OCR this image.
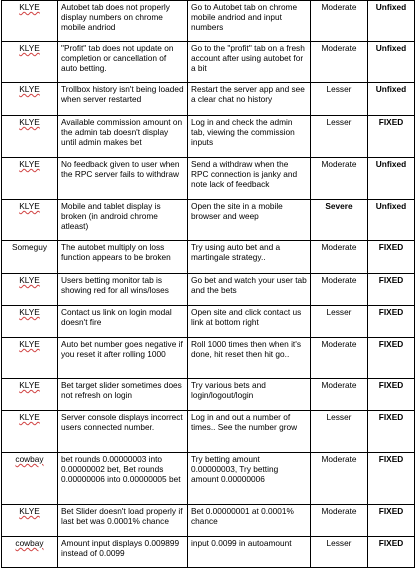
KLYE	Autobet tab does not properly display numbers on chrome mobile andriod	Go to Autobet tab on chrome mobile andriod and input numbers	Moderate	Unfixed
KLYE	"Profit" tab does not update on completion or cancellation of auto betting.	Go to the "profit" tab on a fresh account after using autobet for a bit	Moderate	Unfixed
KLYE	Trollbox history isn't being loaded when server restarted	Restart the server app and see a clear chat no history	Lesser	Unfixed
KLYE	Available commission amount on the admin tab doesn't display until admin makes bet	Log in and check the admin tab, viewing the commission inputs	Lesser	FIXED
KLYE	No feedback given to user when the RPC server fails to withdraw	Send a withdraw when the RPC connection is janky and note lack of feedback	Moderate	Unfixed
KLYE	Mobile and tablet display is broken (in android chrome atleast)	Open the site in a mobile browser and weep	Severe	Unfixed
Someguy	The autobet multiply on loss function appears to be broken	Try using auto bet and a martingale strategy..	Moderate	FIXED
KLYE	Users betting monitor tab is showing red for all wins/loses	Go bet and watch your user tab and the bets	Moderate	FIXED
KLYE	Contact us link on login modal doesn't fire	Open site and click contact us link at bottom right	Lesser	FIXED
KLYE	Auto bet number goes negative if you reset it after rolling 1000	Roll 1000 times then when it's done, hit reset then hit go..	Moderate	FIXED
KLYE	Bet target slider sometimes does not refresh on login	Try various bets and login/logout/login	Moderate	FIXED
KLYE	Server console displays incorrect users connected number.	Log in and out a number of times.. See the number grow	Lesser	FIXED
cowbay	bet rounds 0.00000003 into 0.00000002 bet, Bet rounds 0.00000006 into 0.00000005 bet	Try betting amount 0.00000003, Try betting amount 0.00000006	Moderate	FIXED
KLYE	Bet Slider doesn't load properly if last bet was 0.0001% chance	Bet 0.00000001 at 0.0001% chance	Moderate	FIXED
cowbay	Amount input displays 0.009899 instead of 0.0099	input 0.0099 in autoamount	Lesser	FIXED
